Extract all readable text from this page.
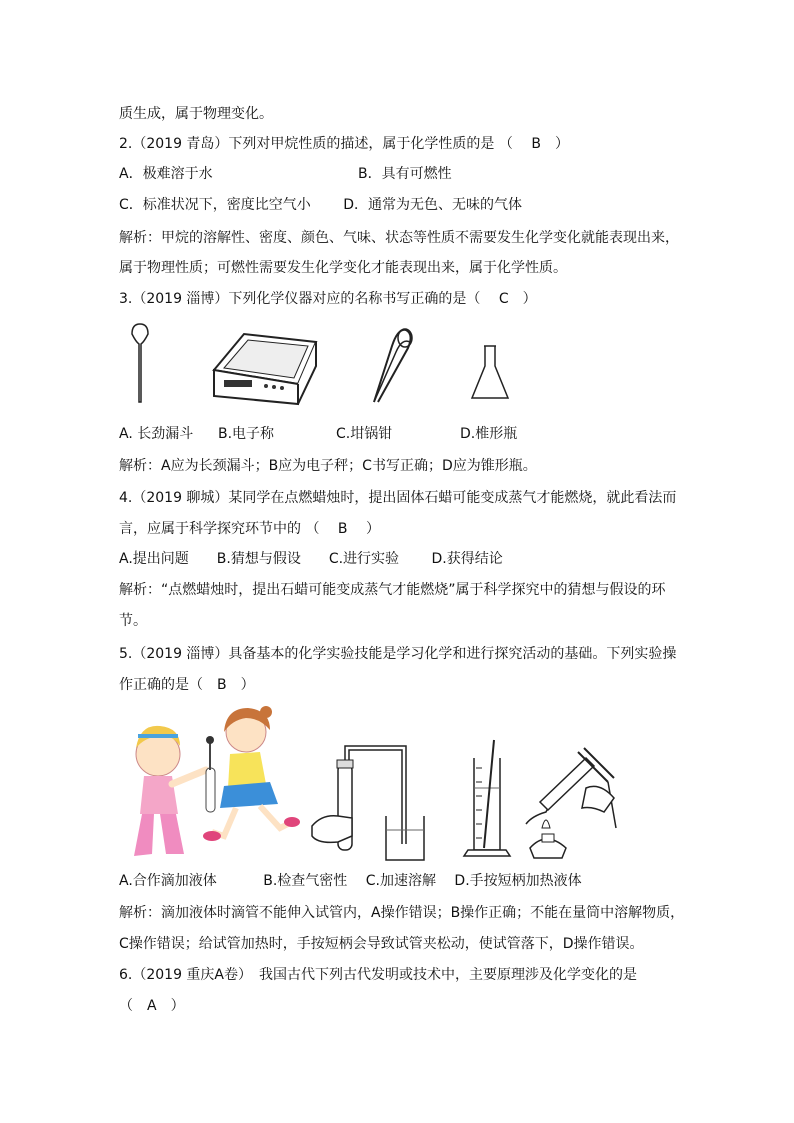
质生成，属于物理变化。
2.（2019 青岛）下列对甲烷性质的描述，属于化学性质的是 （　 B　）
A．极难溶于水	B．具有可燃性
C．标准状况下，密度比空气小　　 D．通常为无色、无味的气体
解析：甲烷的溶解性、密度、颜色、气味、状态等性质不需要发生化学变化就能表现出来，
属于物理性质；可燃性需要发生化学变化才能表现出来，属于化学性质。
3.（2019 淄博）下列化学仪器对应的名称书写正确的是（　 C　）
A. 长劲漏斗 B.电子称	C.坩锅钳	D.椎形瓶
解析：A应为长颈漏斗；B应为电子秤；C书写正确；D应为锥形瓶。
4.（2019 聊城）某同学在点燃蜡烛时，提出固体石蜡可能变成蒸气才能燃烧，就此看法而
言，应属于科学探究环节中的 （　 B　 ）
A.提出问题　　B.猜想与假设　　C.进行实验　　 D.获得结论
解析：“点燃蜡烛时，提出石蜡可能变成蒸气才能燃烧”属于科学探究中的猜想与假设的环
节。
5.（2019 淄博）具备基本的化学实验技能是学习化学和进行探究活动的基础。下列实验操
作正确的是（　B　）
A.合作滴加液体　　　 B.检查气密性　 C.加速溶解　 D.手按短柄加热液体
解析：滴加液体时滴管不能伸入试管内，A操作错误；B操作正确；不能在量筒中溶解物质，
C操作错误；给试管加热时，手按短柄会导致试管夹松动，使试管落下，D操作错误。
6.（2019 重庆A卷）　我国古代下列古代发明或技术中，主要原理涉及化学变化的是
（　A　）
